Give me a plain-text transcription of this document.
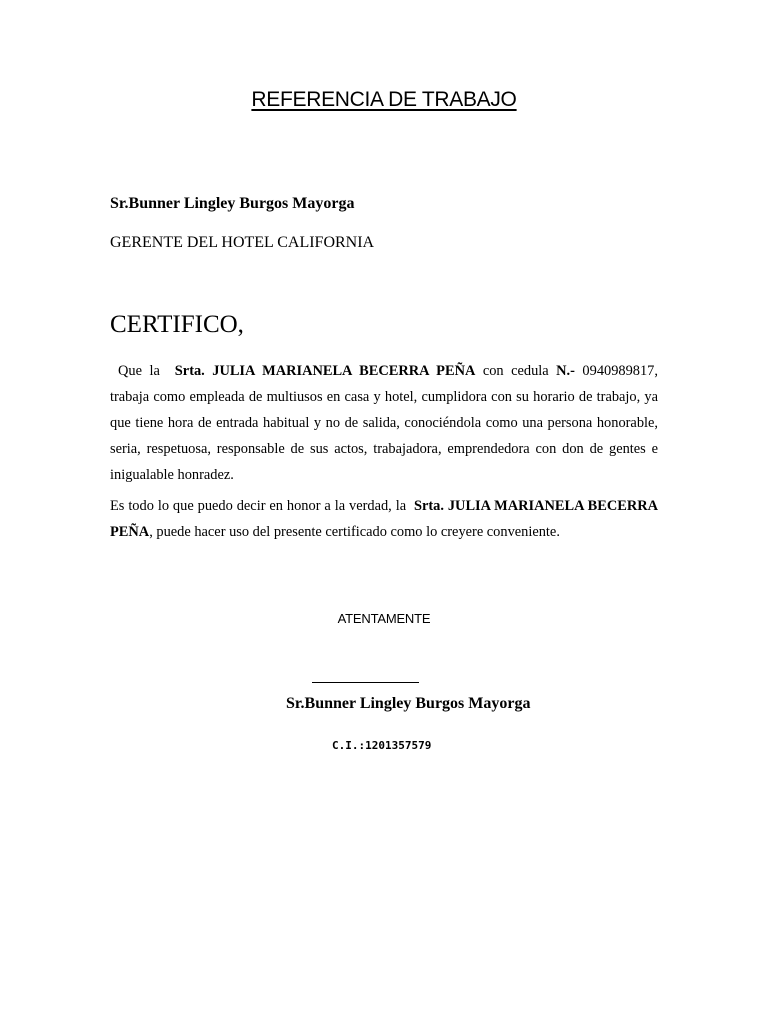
REFERENCIA DE TRABAJO
Sr.Bunner Lingley Burgos Mayorga
GERENTE DEL HOTEL CALIFORNIA
CERTIFICO,
Que la Srta. JULIA MARIANELA BECERRA PEÑA con cedula N.- 0940989817, trabaja como empleada de multiusos en casa y hotel, cumplidora con su horario de trabajo, ya que tiene hora de entrada habitual y no de salida, conociéndola como una persona honorable, seria, respetuosa, responsable de sus actos, trabajadora, emprendedora con don de gentes e inigualable honradez.
Es todo lo que puedo decir en honor a la verdad, la Srta. JULIA MARIANELA BECERRA PEÑA, puede hacer uso del presente certificado como lo creyere conveniente.
ATENTAMENTE
Sr.Bunner Lingley Burgos Mayorga
C.I.:1201357579
